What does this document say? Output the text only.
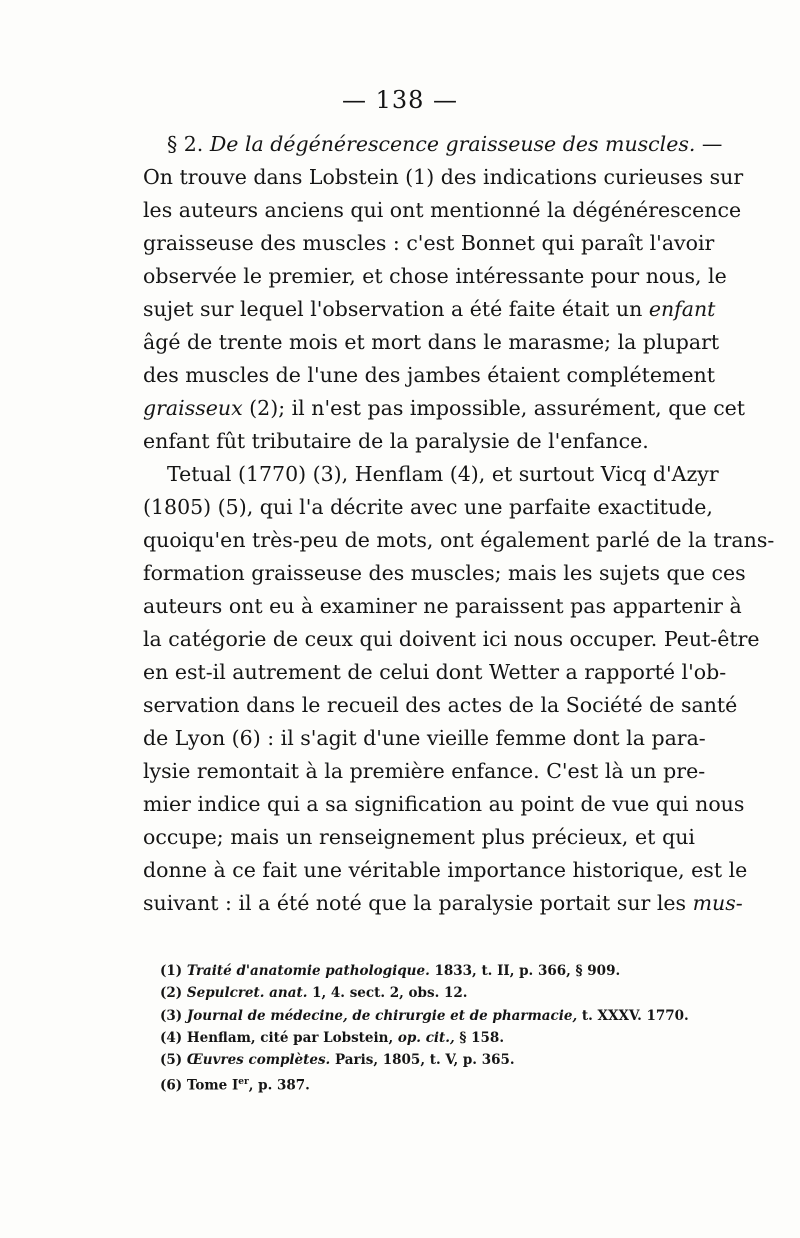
— 138 —
§ 2. De la dégénérescence graisseuse des muscles. —
On trouve dans Lobstein (1) des indications curieuses sur
les auteurs anciens qui ont mentionné la dégénérescence
graisseuse des muscles : c'est Bonnet qui paraît l'avoir
observée le premier, et chose intéressante pour nous, le
sujet sur lequel l'observation a été faite était un enfant
âgé de trente mois et mort dans le marasme; la plupart
des muscles de l'une des jambes étaient complétement
graisseux (2); il n'est pas impossible, assurément, que cet
enfant fût tributaire de la paralysie de l'enfance.
Tetual (1770) (3), Henflam (4), et surtout Vicq d'Azyr
(1805) (5), qui l'a décrite avec une parfaite exactitude,
quoiqu'en très-peu de mots, ont également parlé de la trans-
formation graisseuse des muscles; mais les sujets que ces
auteurs ont eu à examiner ne paraissent pas appartenir à
la catégorie de ceux qui doivent ici nous occuper. Peut-être
en est-il autrement de celui dont Wetter a rapporté l'ob-
servation dans le recueil des actes de la Société de santé
de Lyon (6) : il s'agit d'une vieille femme dont la para-
lysie remontait à la première enfance. C'est là un pre-
mier indice qui a sa signification au point de vue qui nous
occupe; mais un renseignement plus précieux, et qui
donne à ce fait une véritable importance historique, est le
suivant : il a été noté que la paralysie portait sur les mus-
(1) Traité d'anatomie pathologique. 1833, t. II, p. 366, § 909.
(2) Sepulcret. anat. 1, 4. sect. 2, obs. 12.
(3) Journal de médecine, de chirurgie et de pharmacie, t. XXXV. 1770.
(4) Henflam, cité par Lobstein, op. cit., § 158.
(5) Œuvres complètes. Paris, 1805, t. V, p. 365.
(6) Tome Ier, p. 387.
